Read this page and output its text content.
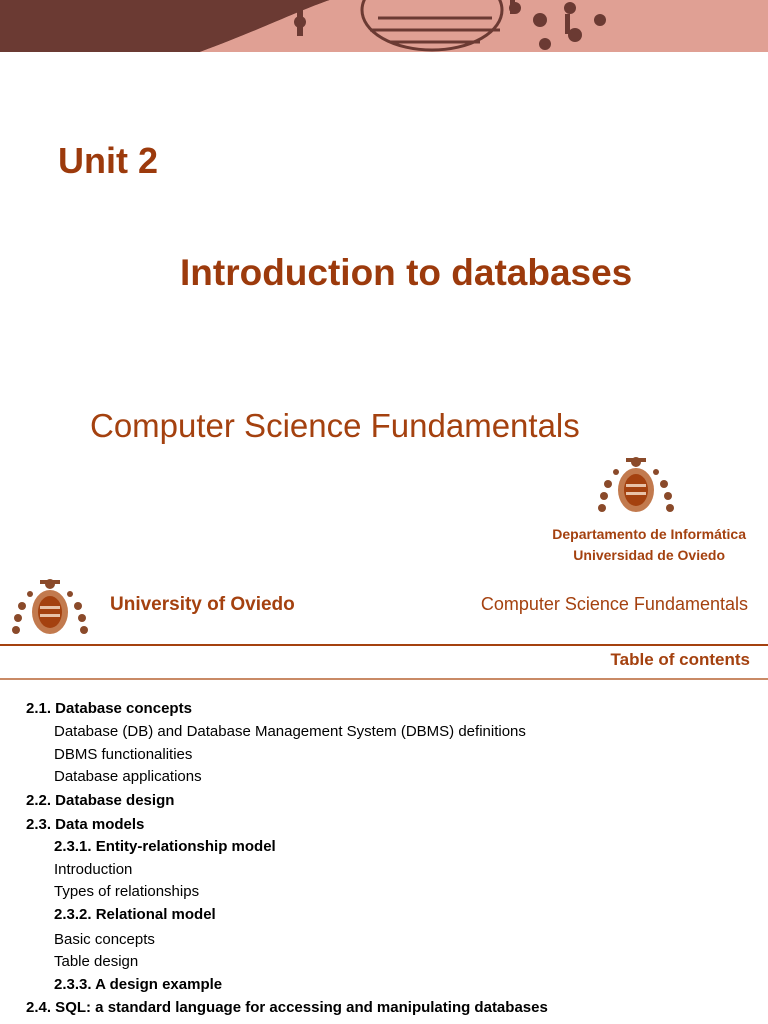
Unit 2
Introduction to databases
Computer Science Fundamentals
Departamento de Informática
Universidad de Oviedo
University of Oviedo	Computer Science Fundamentals
Table of contents
2.1. Database concepts
Database (DB) and Database Management System (DBMS) definitions
DBMS functionalities
Database applications
2.2. Database design
2.3. Data models
2.3.1. Entity-relationship model
Introduction
Types of relationships
2.3.2. Relational model
Basic concepts
Table design
2.3.3. A design example
2.4. SQL: a standard language for accessing and manipulating databases
